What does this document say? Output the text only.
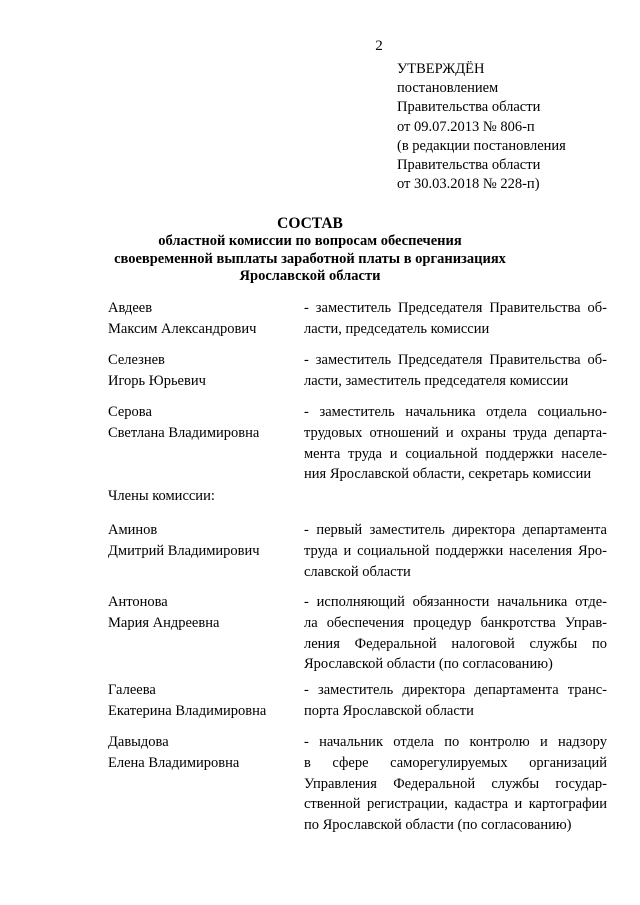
2
УТВЕРЖДЁН
постановлением
Правительства области
от 09.07.2013 № 806-п
(в редакции постановления
Правительства области
от 30.03.2018 № 228-п)
СОСТАВ
областной комиссии по вопросам обеспечения
своевременной выплаты заработной платы в организациях
Ярославской области
Авдеев
Максим Александрович
- заместитель Председателя Правительства об-
ласти, председатель комиссии
Селезнев
Игорь Юрьевич
- заместитель Председателя Правительства об-
ласти, заместитель председателя комиссии
Серова
Светлана Владимировна
- заместитель начальника отдела социально-
трудовых отношений и охраны труда департа-
мента труда и социальной поддержки населе-
ния Ярославской области, секретарь комиссии
Члены комиссии:
Аминов
Дмитрий Владимирович
- первый заместитель директора департамента
труда и социальной поддержки населения Яро-
славской области
Антонова
Мария Андреевна
- исполняющий обязанности начальника отде-
ла обеспечения процедур банкротства Управ-
ления Федеральной налоговой службы по
Ярославской области (по согласованию)
Галеева
Екатерина Владимировна
- заместитель директора департамента транс-
порта Ярославской области
Давыдова
Елена Владимировна
- начальник отдела по контролю и надзору
в сфере саморегулируемых организаций
Управления Федеральной службы государ-
ственной регистрации, кадастра и картографии
по Ярославской области (по согласованию)
